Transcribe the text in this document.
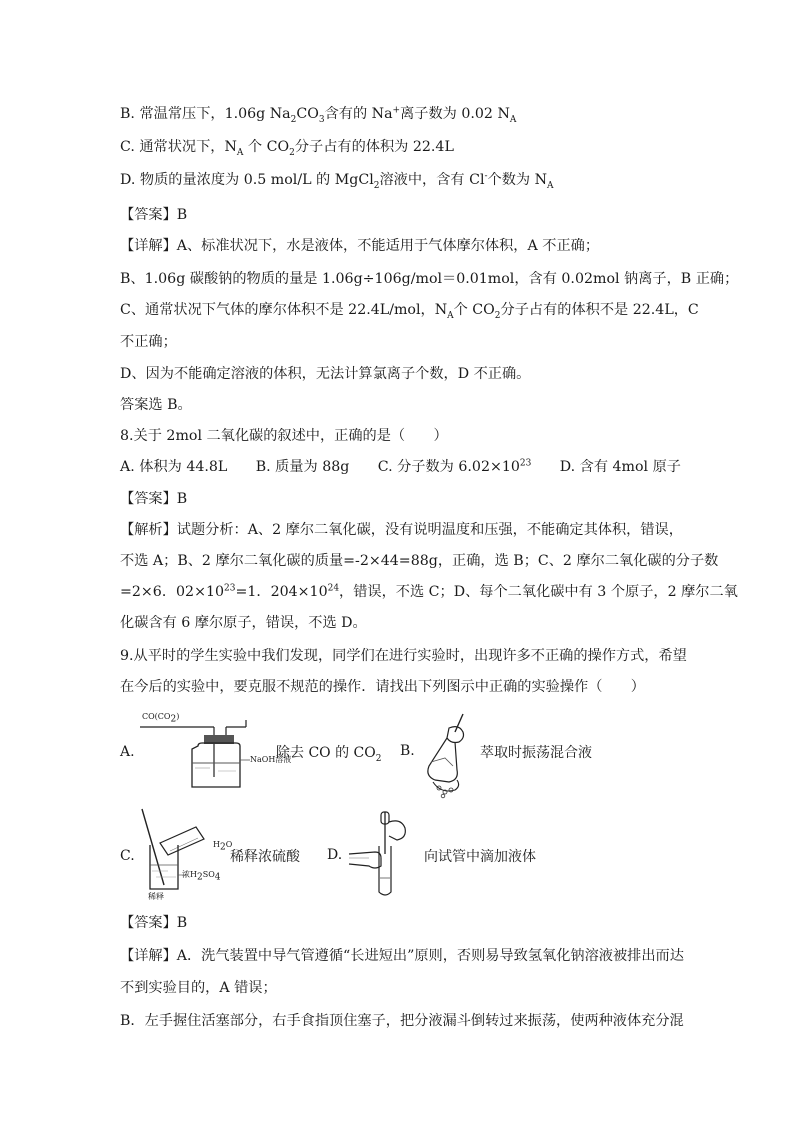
B. 常温常压下，1.06g $Na_2CO_3$含有的 Na+离子数为 0.02 $N_A$
C. 通常状况下，$N_A$ 个 $CO_2$分子占有的体积为 22.4L
D. 物质的量浓度为 0.5 mol/L 的 MgCl$_2$溶液中，含有 Cl-个数为 $N_A$
【答案】B
【详解】A、标准状况下，水是液体，不能适用于气体摩尔体积，A 不正确；
B、1.06g 碳酸钠的物质的量是 1.06g÷106g/mol＝0.01mol，含有 0.02mol 钠离子，B 正确；
C、通常状况下气体的摩尔体积不是 22.4L/mol，$N_A$个 $CO_2$分子占有的体积不是 22.4L，C
不正确；
D、因为不能确定溶液的体积，无法计算氯离子个数，D 不正确。
答案选 B。
8.关于 2mol 二氧化碳的叙述中，正确的是（　　）
A. 体积为 44.8L　　B. 质量为 88g　　C. 分子数为 $6.02\times 10^{23}$　　D. 含有 4mol 原子
【答案】B
【解析】试题分析：A、2 摩尔二氧化碳，没有说明温度和压强，不能确定其体积，错误，
不选 A；B、2 摩尔二氧化碳的质量=-2×44=88g，正确，选 B；C、2 摩尔二氧化碳的分子数
=2×6．$02\times 10^{23}=1$．$204\times 10^{24}$，错误，不选 C；D、每个二氧化碳中有 3 个原子，2 摩尔二氧
化碳含有 6 摩尔原子，错误，不选 D。
9.从平时的学生实验中我们发现，同学们在进行实验时，出现许多不正确的操作方式，希望
在今后的实验中，要克服不规范的操作．请找出下列图示中正确的实验操作（　　）
A.
$CO(CO_2)$
NaOH溶液
除去 CO 的 $CO_2$ B.	萃取时振荡混合液
C.
$H_2O$
浓$H_2SO_4$
稀释
稀释浓硫酸 D.	向试管中滴加液体
【答案】B
【详解】A．洗气装置中导气管遵循“长进短出”原则，否则易导致氢氧化钠溶液被排出而达
不到实验目的，A 错误；
B．左手握住活塞部分，右手食指顶住塞子，把分液漏斗倒转过来振荡，使两种液体充分混
